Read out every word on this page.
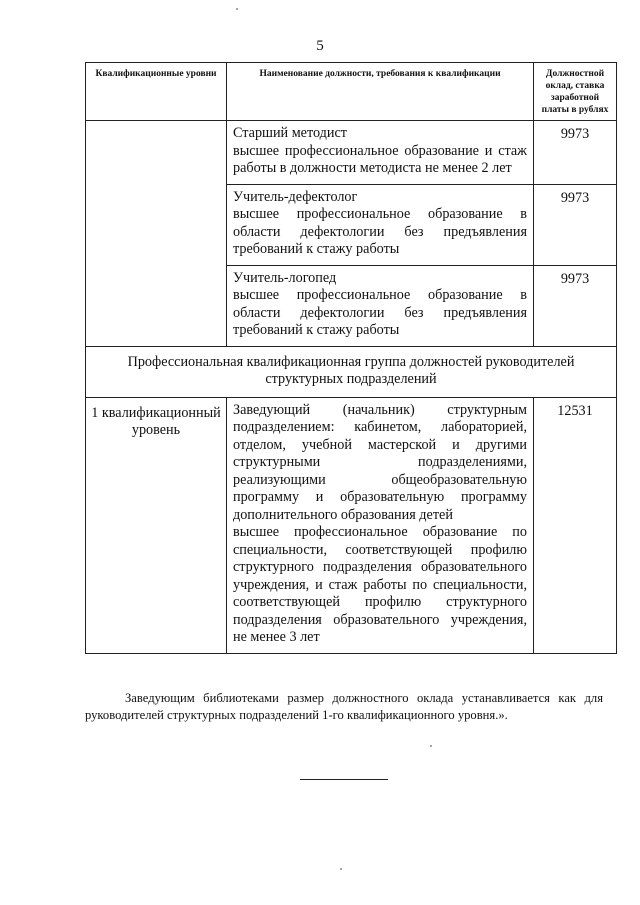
5
Квалификационные уровни	Наименование должности, требования к квалификации	Должностной оклад, ставка заработной платы в рублях

	Старший методист
высшее профессиональное образование и стаж работы в должности методиста не менее 2 лет	9973

	Учитель-дефектолог
высшее профессиональное образование в области дефектологии без предъявления требований к стажу работы	9973

	Учитель-логопед
высшее профессиональное образование в области дефектологии без предъявления требований к стажу работы	9973
Профессиональная квалификационная группа должностей руководителей структурных подразделений		
1 квалификационный уровень	Заведующий (начальник) структурным подразделением: кабинетом, лабораторией, отделом, учебной мастерской и другими структурными подразделениями, реализующими общеобразовательную программу и образовательную программу дополнительного образования детей
высшее профессиональное образование по специальности, соответствующей профилю структурного подразделения образовательного учреждения, и стаж работы по специальности, соответствующей профилю структурного подразделения образовательного учреждения, не менее 3 лет	12531
Заведующим библиотеками размер должностного оклада устанавливается как для руководителей структурных подразделений 1-го квалификационного уровня.».
